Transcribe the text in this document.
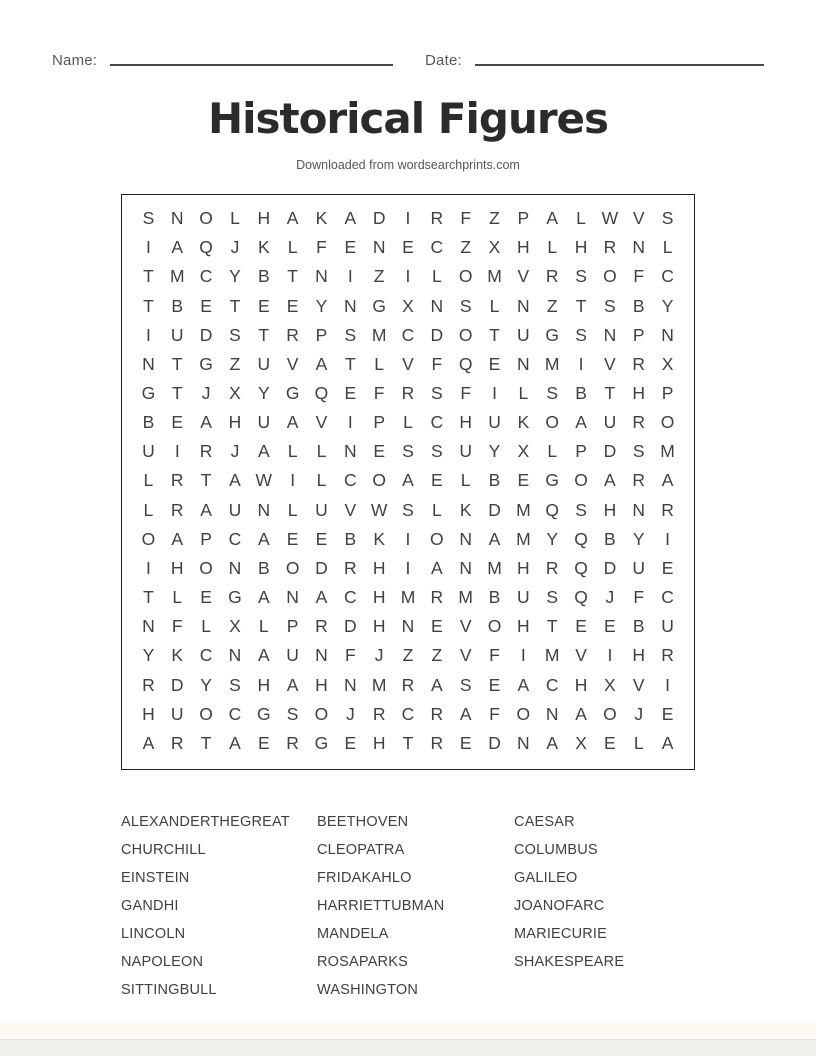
Name:	Date:
Historical Figures
Downloaded from wordsearchprints.com
S N O L	H A K A D	I	R F	Z	P A	L W V S
I	A Q	J	K	L	F	E N E C Z	X H	L	H R N	L
T M C Y B	T N	I	Z	I	L O M V R S O F C
T	B E	T	E E Y N G X N S	L	N Z	T	S B Y
I	U D S	T R P S M C D O T U G S N P N
N T G Z U V A	T	L	V	F Q E N M	I	V R X
G T	J	X Y G Q E	F R S	F	I	L	S B	T H P
B E A H U A V	I	P	L	C H U K O A U R O
U	I	R	J	A	L	L	N E S S U Y X	L	P D S M
L	R T	A W	I	L	C O A E	L	B E G O A R A
L	R A U N	L	U V W S	L	K D M Q S H N R
O A P C A E E B K	I	O N A M Y Q B Y	I
I	H O N B O D R H	I	A N M H R Q D U E
T	L	E G A N A C H M R M B U S Q	J	F C
N F	L	X	L	P R D H N E V O H T	E E B U
Y K C N A U N F	J	Z	Z	V	F	I	M V	I	H R
R D Y S H A H N M R A S E A C H X V	I
H U O C G S O	J	R C R A	F O N A O	J	E
A R T	A E R G E H T R E D N A X E	L	A
ALEXANDERTHEGREAT
CHURCHILL
EINSTEIN
GANDHI
LINCOLN
NAPOLEON
SITTINGBULL
BEETHOVEN
CLEOPATRA
FRIDAKAHLO
HARRIETTUBMAN
MANDELA
ROSAPARKS
WASHINGTON
CAESAR
COLUMBUS
GALILEO
JOANOFARC
MARIECURIE
SHAKESPEARE
